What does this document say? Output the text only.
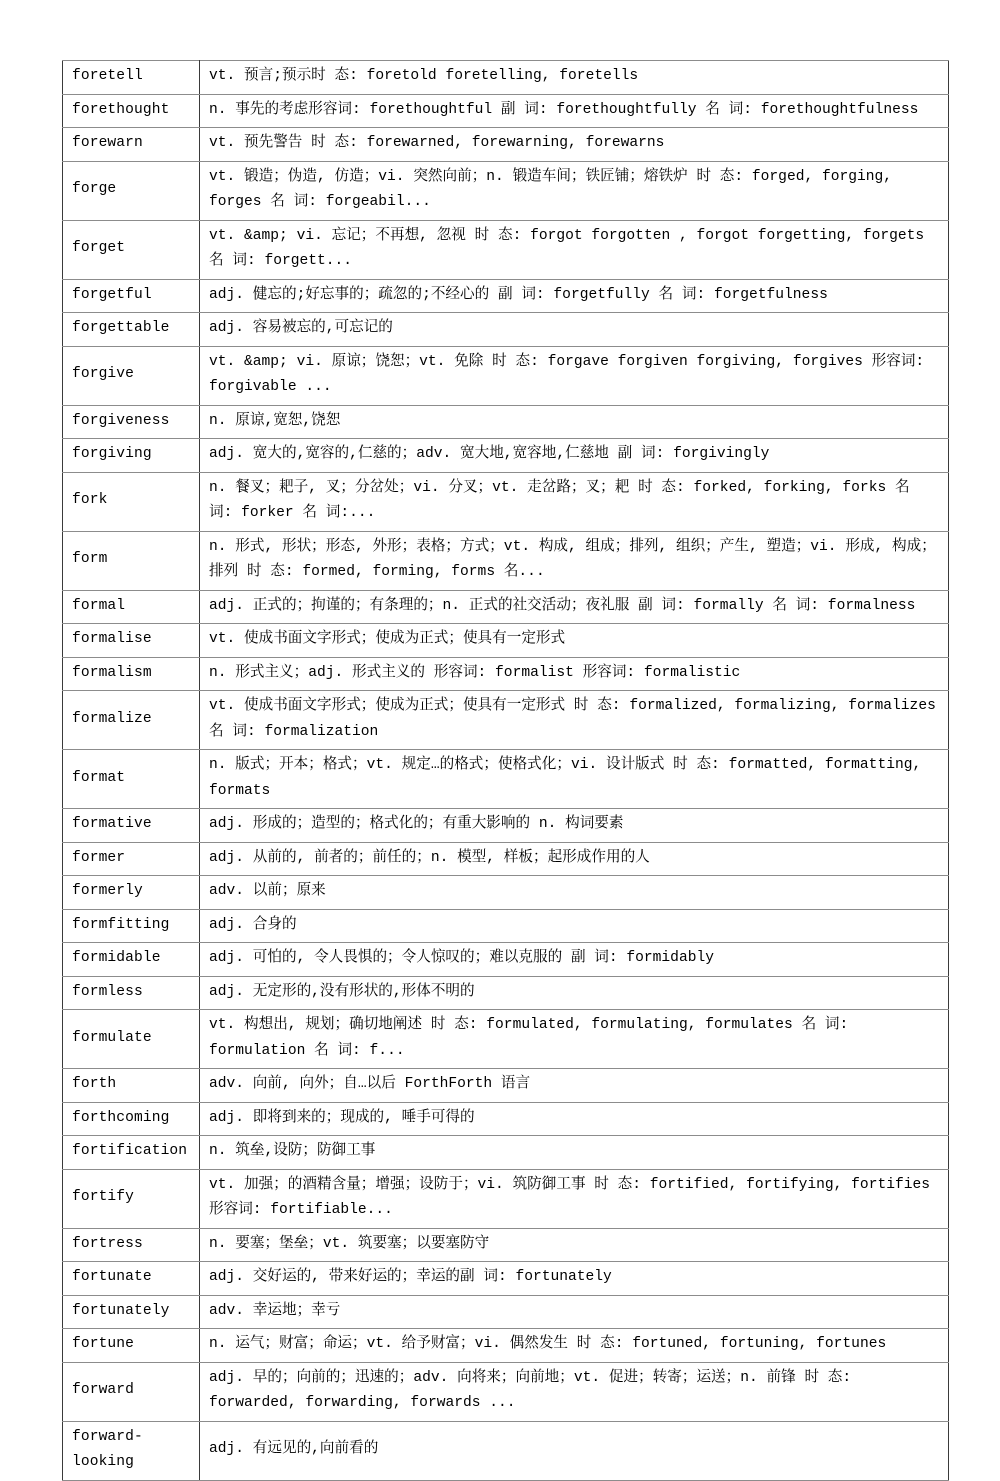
foretell	vt. 预言;预示时 态: foretold foretelling, foretells
forethought	n. 事先的考虑形容词: forethoughtful 副 词: forethoughtfully 名 词: forethoughtfulness
forewarn	vt. 预先警告 时 态: forewarned, forewarning, forewarns
forge	vt. 锻造；伪造, 仿造；vi. 突然向前；n. 锻造车间；铁匠铺；熔铁炉 时 态: forged, forging, forges 名 词: forgeabil...
forget	vt. &amp; vi. 忘记；不再想, 忽视 时 态: forgot forgotten , forgot forgetting, forgets 名 词: forgett...
forgetful	adj. 健忘的;好忘事的；疏忽的;不经心的 副 词: forgetfully 名 词: forgetfulness
forgettable	adj. 容易被忘的,可忘记的
forgive	vt. &amp; vi. 原谅；饶恕；vt. 免除 时 态: forgave forgiven forgiving, forgives 形容词: forgivable ...
forgiveness	n. 原谅,宽恕,饶恕
forgiving	adj. 宽大的,宽容的,仁慈的；adv. 宽大地,宽容地,仁慈地 副 词: forgivingly
fork	n. 餐叉；耙子, 叉；分岔处；vi. 分叉；vt. 走岔路；叉；耙 时 态: forked, forking, forks 名 词: forker 名 词:...
form	n. 形式, 形状；形态, 外形；表格；方式；vt. 构成, 组成；排列, 组织；产生, 塑造；vi. 形成, 构成；排列 时 态: formed, forming, forms 名...
formal	adj. 正式的；拘谨的；有条理的；n. 正式的社交活动；夜礼服 副 词: formally 名 词: formalness
formalise	vt. 使成书面文字形式；使成为正式；使具有一定形式
formalism	n. 形式主义；adj. 形式主义的 形容词: formalist 形容词: formalistic
formalize	vt. 使成书面文字形式；使成为正式；使具有一定形式 时 态: formalized, formalizing, formalizes 名 词: formalization
format	n. 版式；开本；格式；vt. 规定…的格式；使格式化；vi. 设计版式 时 态: formatted, formatting, formats
formative	adj. 形成的；造型的；格式化的；有重大影响的 n. 构词要素
former	adj. 从前的, 前者的；前任的；n. 模型, 样板；起形成作用的人
formerly	adv. 以前；原来
formfitting	adj. 合身的
formidable	adj. 可怕的, 令人畏惧的；令人惊叹的；难以克服的 副 词: formidably
formless	adj. 无定形的,没有形状的,形体不明的
formulate	vt. 构想出, 规划；确切地阐述 时 态: formulated, formulating, formulates 名 词: formulation 名 词: f...
forth	adv. 向前, 向外；自…以后 ForthForth 语言
forthcoming	adj. 即将到来的；现成的, 唾手可得的
fortification	n. 筑垒,设防；防御工事
fortify	vt. 加强；的酒精含量；增强；设防于；vi. 筑防御工事 时 态: fortified, fortifying, fortifies 形容词: fortifiable...
fortress	n. 要塞；堡垒；vt. 筑要塞；以要塞防守
fortunate	adj. 交好运的, 带来好运的；幸运的副 词: fortunately
fortunately	adv. 幸运地；幸亏
fortune	n. 运气；财富；命运；vt. 给予财富；vi. 偶然发生 时 态: fortuned, fortuning, fortunes
forward	adj. 早的；向前的；迅速的；adv. 向将来；向前地；vt. 促进；转寄；运送；n. 前锋 时 态: forwarded, forwarding, forwards ...
forward-looking	adj. 有远见的,向前看的
